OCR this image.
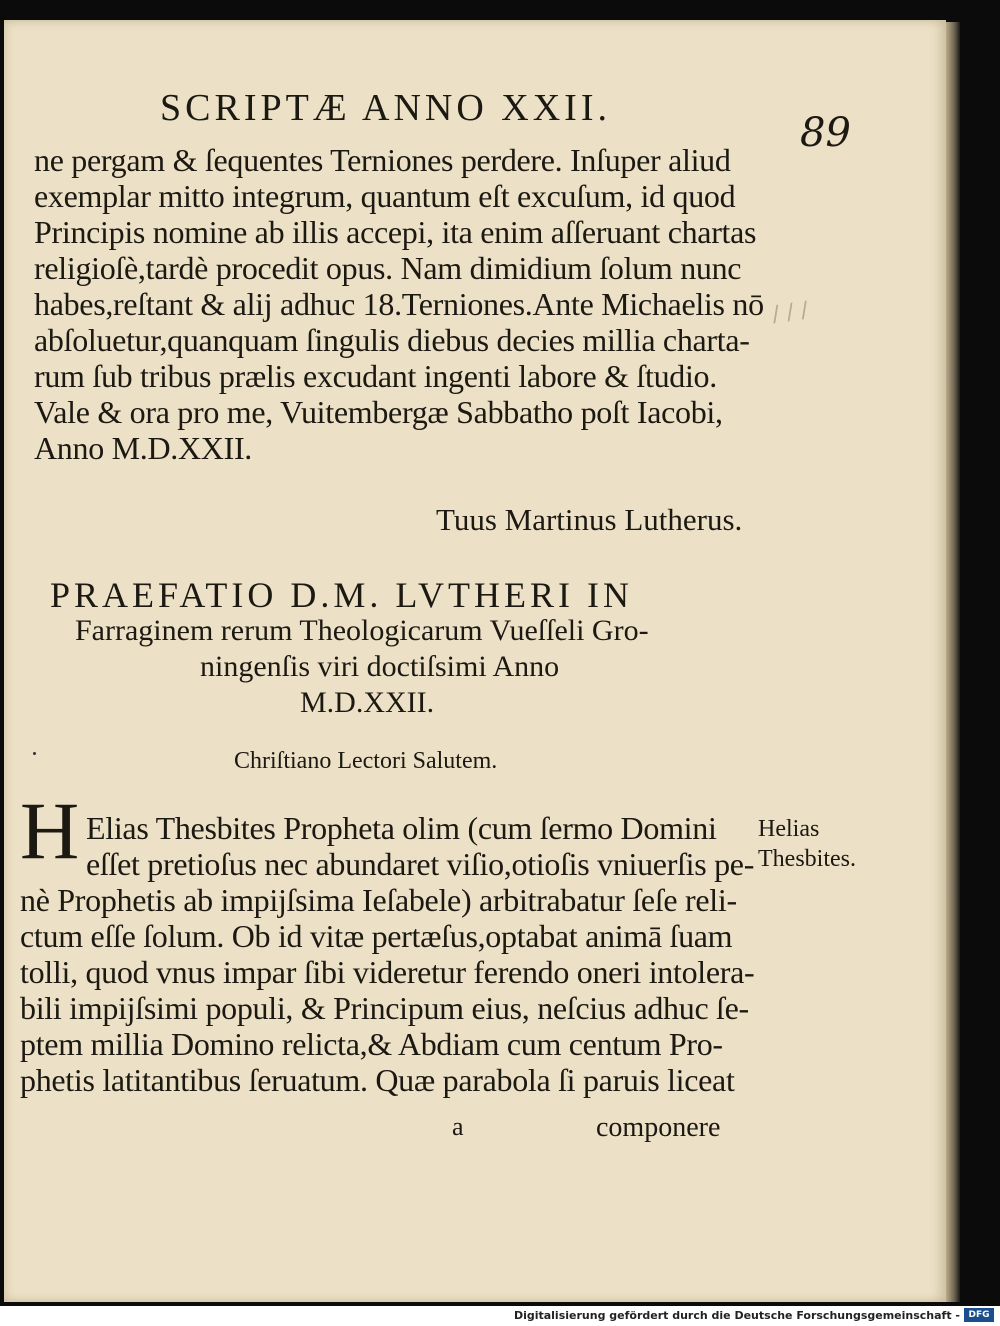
SCRIPTÆ ANNO XXII.
89
ne pergam & ſequentes Terniones perdere. Inſuper aliud
exemplar mitto integrum, quantum eſt excuſum, id quod
Principis nomine ab illis accepi, ita enim aſſeruant chartas
religioſè,tardè procedit opus. Nam dimidium ſolum nunc
habes,reſtant & alij adhuc 18.Terniones.Ante Michaelis nō
abſoluetur,quanquam ſingulis diebus decies millia charta-
rum ſub tribus prælis excudant ingenti labore & ſtudio.
Vale & ora pro me, Vuitembergæ Sabbatho poſt Iacobi,
Anno M.D.XXII.
/ / /
Tuus Martinus Lutherus.
PRAEFATIO D.M. LVTHERI IN
Farraginem rerum Theologicarum Vueſſeli Gro-
ningenſis viri doctiſsimi Anno
M.D.XXII.
Chriſtiano Lectori Salutem.
H Elias Thesbites Propheta olim (cum ſermo Domini
eſſet pretioſus nec abundaret viſio,otioſis vniuerſis pe-
nè Prophetis ab impijſsima Ieſabele) arbitrabatur ſeſe reli-
ctum eſſe ſolum. Ob id vitæ pertæſus,optabat animā ſuam
tolli, quod vnus impar ſibi videretur ferendo oneri intolera-
bili impijſsimi populi, & Principum eius, neſcius adhuc ſe-
ptem millia Domino relicta,& Abdiam cum centum Pro-
phetis latitantibus ſeruatum. Quæ parabola ſi paruis liceat
Helias
Thesbites.
a	componere
Digitalisierung gefördert durch die Deutsche Forschungsgemeinschaft - DFG
